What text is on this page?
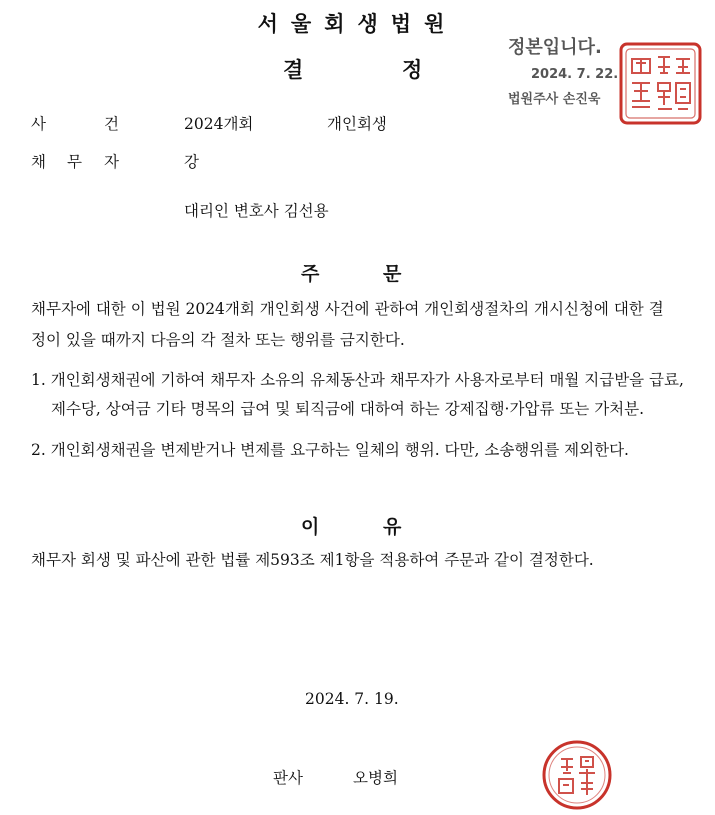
서울회생법원
결	정
정본입니다.
2024. 7. 22.
법원주사 손진욱
사	건	2024개회	개인회생
채 무 자	강
대리인 변호사 김선용
주	문
채무자에 대한 이 법원 2024개회 개인회생 사건에 관하여 개인회생절차의 개시신청에 대한 결정이 있을 때까지 다음의 각 절차 또는 행위를 금지한다.
1. 개인회생채권에 기하여 채무자 소유의 유체동산과 채무자가 사용자로부터 매월 지급받을 급료, 제수당, 상여금 기타 명목의 급여 및 퇴직금에 대하여 하는 강제집행·가압류 또는 가처분.
2. 개인회생채권을 변제받거나 변제를 요구하는 일체의 행위. 다만, 소송행위를 제외한다.
이	유
채무자 회생 및 파산에 관한 법률 제593조 제1항을 적용하여 주문과 같이 결정한다.
2024. 7. 19.
판사	오병희
